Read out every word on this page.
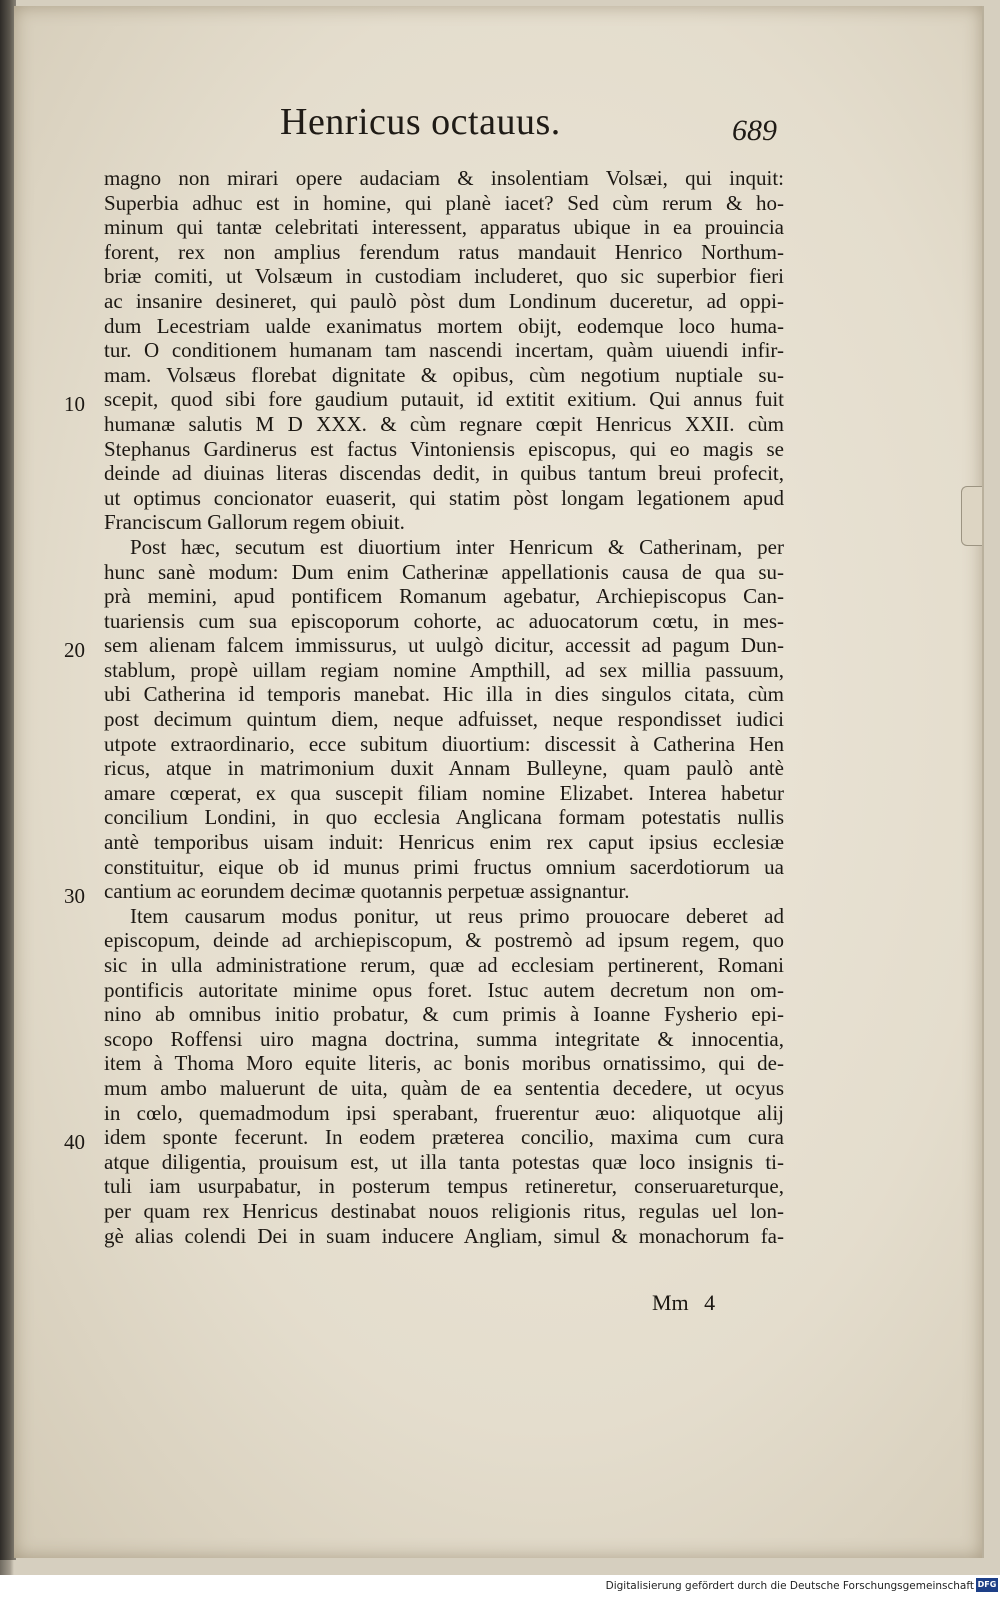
Henricus octauus.	689
magno non mirari opere audaciam & insolentiam Volsæi, qui inquit:
Superbia adhuc est in homine, qui planè iacet? Sed cùm rerum & ho-
minum qui tantæ celebritati interessent, apparatus ubique in ea prouincia
forent, rex non amplius ferendum ratus mandauit Henrico Northum-
briæ comiti, ut Volsæum in custodiam includeret, quo sic superbior fieri
ac insanire desineret, qui paulò pòst dum Londinum duceretur, ad oppi-
dum Lecestriam ualde exanimatus mortem obijt, eodemque loco huma-
tur. O conditionem humanam tam nascendi incertam, quàm uiuendi infir-
mam. Volsæus florebat dignitate & opibus, cùm negotium nuptiale su-
scepit, quod sibi fore gaudium putauit, id extitit exitium. Qui annus fuit
humanæ salutis M D XXX. & cùm regnare cœpit Henricus XXII. cùm
Stephanus Gardinerus est factus Vintoniensis episcopus, qui eo magis se
deinde ad diuinas literas discendas dedit, in quibus tantum breui profecit,
ut optimus concionator euaserit, qui statim pòst longam legationem apud
Franciscum Gallorum regem obiuit.
Post hæc, secutum est diuortium inter Henricum & Catherinam, per
hunc sanè modum: Dum enim Catherinæ appellationis causa de qua su-
prà memini, apud pontificem Romanum agebatur, Archiepiscopus Can-
tuariensis cum sua episcoporum cohorte, ac aduocatorum cœtu, in mes-
sem alienam falcem immissurus, ut uulgò dicitur, accessit ad pagum Dun-
stablum, propè uillam regiam nomine Ampthill, ad sex millia passuum,
ubi Catherina id temporis manebat. Hic illa in dies singulos citata, cùm
post decimum quintum diem, neque adfuisset, neque respondisset iudici
utpote extraordinario, ecce subitum diuortium: discessit à Catherina Hen
ricus, atque in matrimonium duxit Annam Bulleyne, quam paulò antè
amare cœperat, ex qua suscepit filiam nomine Elizabet. Interea habetur
concilium Londini, in quo ecclesia Anglicana formam potestatis nullis
antè temporibus uisam induit: Henricus enim rex caput ipsius ecclesiæ
constituitur, eique ob id munus primi fructus omnium sacerdotiorum ua
cantium ac eorundem decimæ quotannis perpetuæ assignantur.
Item causarum modus ponitur, ut reus primo prouocare deberet ad
episcopum, deinde ad archiepiscopum, & postremò ad ipsum regem, quo
sic in ulla administratione rerum, quæ ad ecclesiam pertinerent, Romani
pontificis autoritate minime opus foret. Istuc autem decretum non om-
nino ab omnibus initio probatur, & cum primis à Ioanne Fysherio epi-
scopo Roffensi uiro magna doctrina, summa integritate & innocentia,
item à Thoma Moro equite literis, ac bonis moribus ornatissimo, qui de-
mum ambo maluerunt de uita, quàm de ea sententia decedere, ut ocyus
in cœlo, quemadmodum ipsi sperabant, fruerentur æuo: aliquotque alij
idem sponte fecerunt. In eodem præterea concilio, maxima cum cura
atque diligentia, prouisum est, ut illa tanta potestas quæ loco insignis ti-
tuli iam usurpabatur, in posterum tempus retineretur, conseruareturque,
per quam rex Henricus destinabat nouos religionis ritus, regulas uel lon-
gè alias colendi Dei in suam inducere Angliam, simul & monachorum fa-
10
20
30
40
Mm 4
Digitalisierung gefördert durch die Deutsche Forschungsgemeinschaft DFG
